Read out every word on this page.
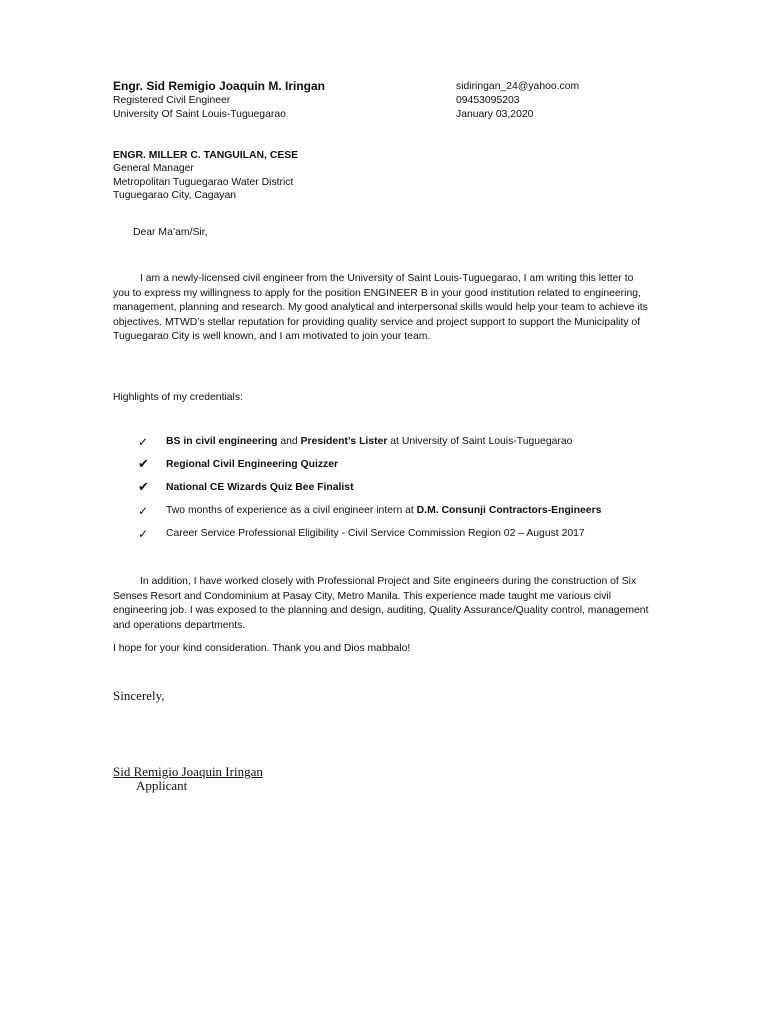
Engr. Sid Remigio Joaquin M. Iringan
Registered Civil Engineer
University Of Saint Louis-Tuguegarao
sidiringan_24@yahoo.com
09453095203
January 03,2020
ENGR. MILLER C. TANGUILAN, CESE
General Manager
Metropolitan Tuguegarao Water District
Tuguegarao City, Cagayan
Dear Ma’am/Sir,
I am a newly-licensed civil engineer from the University of Saint Louis-Tuguegarao, I am writing this letter to you to express my willingness to apply for the position ENGINEER B in your good institution related to engineering, management, planning and research. My good analytical and interpersonal skills would help your team to achieve its objectives. MTWD’s stellar reputation for providing quality service and project support to support the Municipality of Tuguegarao City is well known, and I am motivated to join your team.
Highlights of my credentials:
✓ BS in civil engineering and President’s Lister at University of Saint Louis-Tuguegarao
✔ Regional Civil Engineering Quizzer
✔ National CE Wizards Quiz Bee Finalist
✓ Two months of experience as a civil engineer intern at D.M. Consunji Contractors-Engineers
✓ Career Service Professional Eligibility - Civil Service Commission Region 02 – August 2017
In addition, I have worked closely with Professional Project and Site engineers during the construction of Six Senses Resort and Condominium at Pasay City, Metro Manila. This experience made taught me various civil engineering job. I was exposed to the planning and design, auditing, Quality Assurance/Quality control, management and operations departments.
I hope for your kind consideration. Thank you and Dios mabbalo!
Sincerely,
Sid Remigio Joaquin Iringan
Applicant
